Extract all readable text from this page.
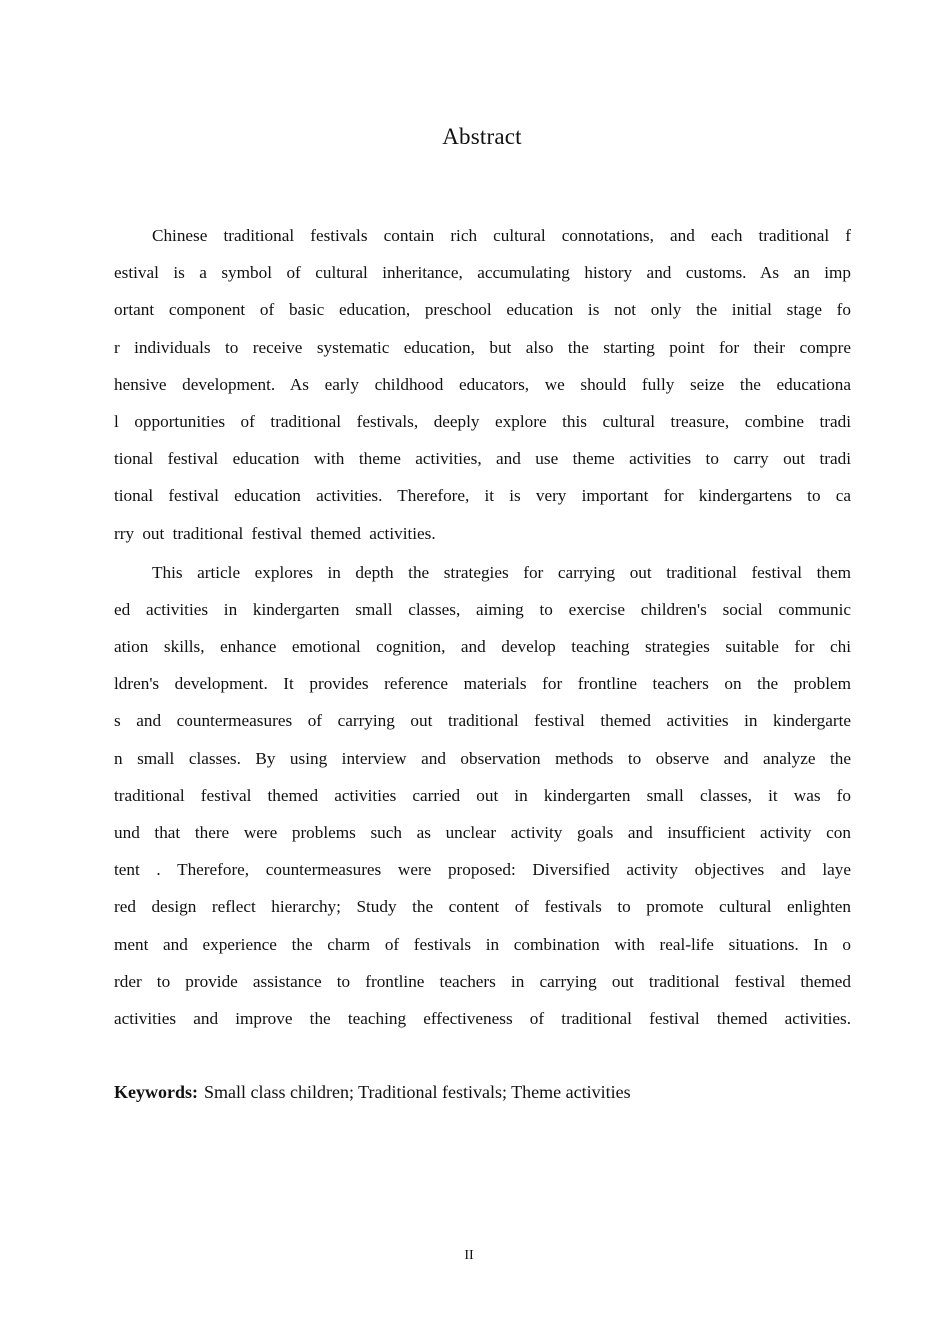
Abstract
Chinese traditional festivals contain rich cultural connotations, and each traditional f
estival is a symbol of cultural inheritance, accumulating history and customs. As an imp
ortant component of basic education, preschool education is not only the initial stage fo
r individuals to receive systematic education, but also the starting point for their compre
hensive development. As early childhood educators, we should fully seize the educationa
l opportunities of traditional festivals, deeply explore this cultural treasure, combine tradi
tional festival education with theme activities, and use theme activities to carry out tradi
tional festival education activities. Therefore, it is very important for kindergartens to ca
rry out traditional festival themed activities.
This article explores in depth the strategies for carrying out traditional festival them
ed activities in kindergarten small classes, aiming to exercise children's social communic
ation skills, enhance emotional cognition, and develop teaching strategies suitable for chi
ldren's development. It provides reference materials for frontline teachers on the problem
s and countermeasures of carrying out traditional festival themed activities in kindergarte
n small classes. By using interview and observation methods to observe and analyze the
traditional festival themed activities carried out in kindergarten small classes, it was fo
und that there were problems such as unclear activity goals and insufficient activity con
tent . Therefore, countermeasures were proposed: Diversified activity objectives and laye
red design reflect hierarchy; Study the content of festivals to promote cultural enlighten
ment and experience the charm of festivals in combination with real-life situations. In o
rder to provide assistance to frontline teachers in carrying out traditional festival themed
activities and improve the teaching effectiveness of traditional festival themed activities.
Keywords: Small class children; Traditional festivals; Theme activities
II
